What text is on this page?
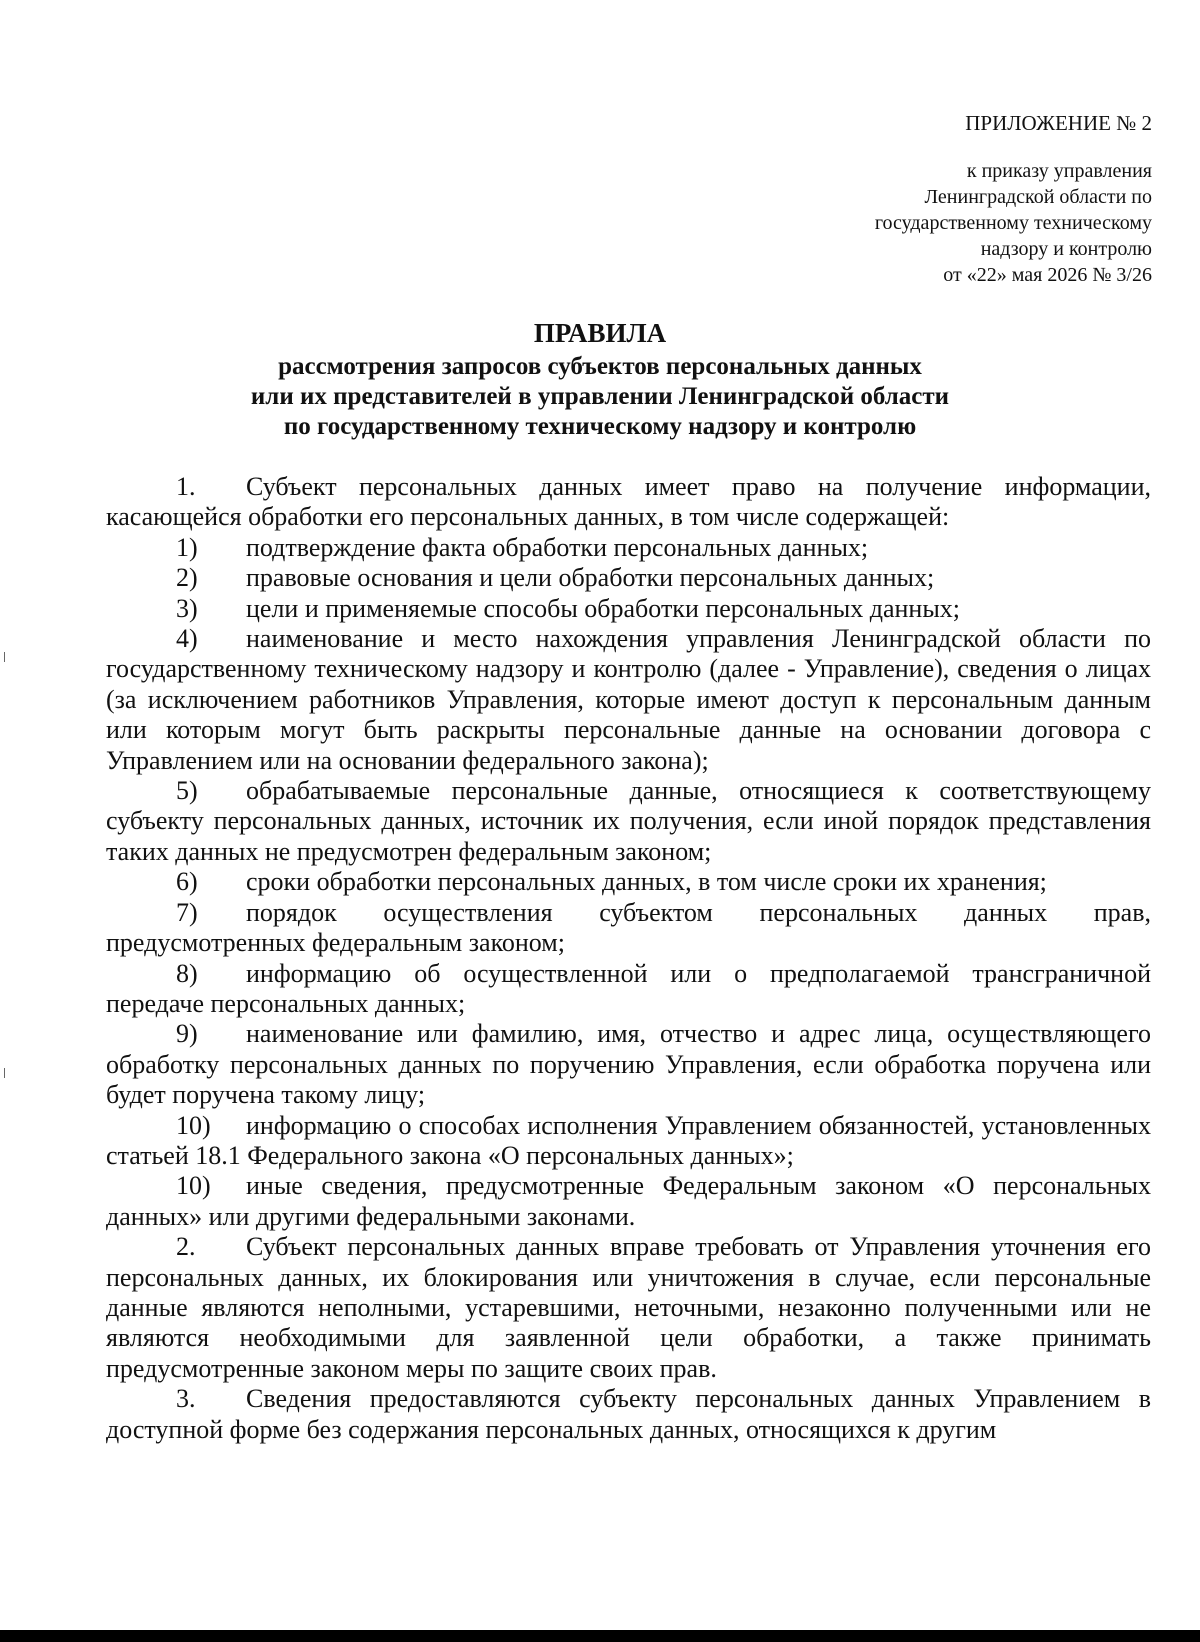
ПРИЛОЖЕНИЕ № 2
к приказу управления
Ленинградской области по
государственному техническому
надзору и контролю
от «22» мая 2026 № 3/26
ПРАВИЛА
рассмотрения запросов субъектов персональных данных
или их представителей в управлении Ленинградской области
по государственному техническому надзору и контролю

1. Субъект персональных данных имеет право на получение информации, касающейся обработки его персональных данных, в том числе содержащей:

1) подтверждение факта обработки персональных данных;

2) правовые основания и цели обработки персональных данных;

3) цели и применяемые способы обработки персональных данных;

4) наименование и место нахождения управления Ленинградской области по государственному техническому надзору и контролю (далее - Управление), сведения о лицах (за исключением работников Управления, которые имеют доступ к персональным данным или которым могут быть раскрыты персональные данные на основании договора с Управлением или на основании федерального закона);

5) обрабатываемые персональные данные, относящиеся к соответствующему субъекту персональных данных, источник их получения, если иной порядок представления таких данных не предусмотрен федеральным законом;

6) сроки обработки персональных данных, в том числе сроки их хранения;

7) порядок осуществления субъектом персональных данных прав, предусмотренных федеральным законом;

8) информацию об осуществленной или о предполагаемой трансграничной передаче персональных данных;

9) наименование или фамилию, имя, отчество и адрес лица, осуществляющего обработку персональных данных по поручению Управления, если обработка поручена или будет поручена такому лицу;

10) информацию о способах исполнения Управлением обязанностей, установленных статьей 18.1 Федерального закона «О персональных данных»;

10) иные сведения, предусмотренные Федеральным законом «О персональных данных» или другими федеральными законами.

2. Субъект персональных данных вправе требовать от Управления уточнения его персональных данных, их блокирования или уничтожения в случае, если персональные данные являются неполными, устаревшими, неточными, незаконно полученными или не являются необходимыми для заявленной цели обработки, а также принимать предусмотренные законом меры по защите своих прав.

3. Сведения предоставляются субъекту персональных данных Управлением в доступной форме без содержания персональных данных, относящихся к другим
